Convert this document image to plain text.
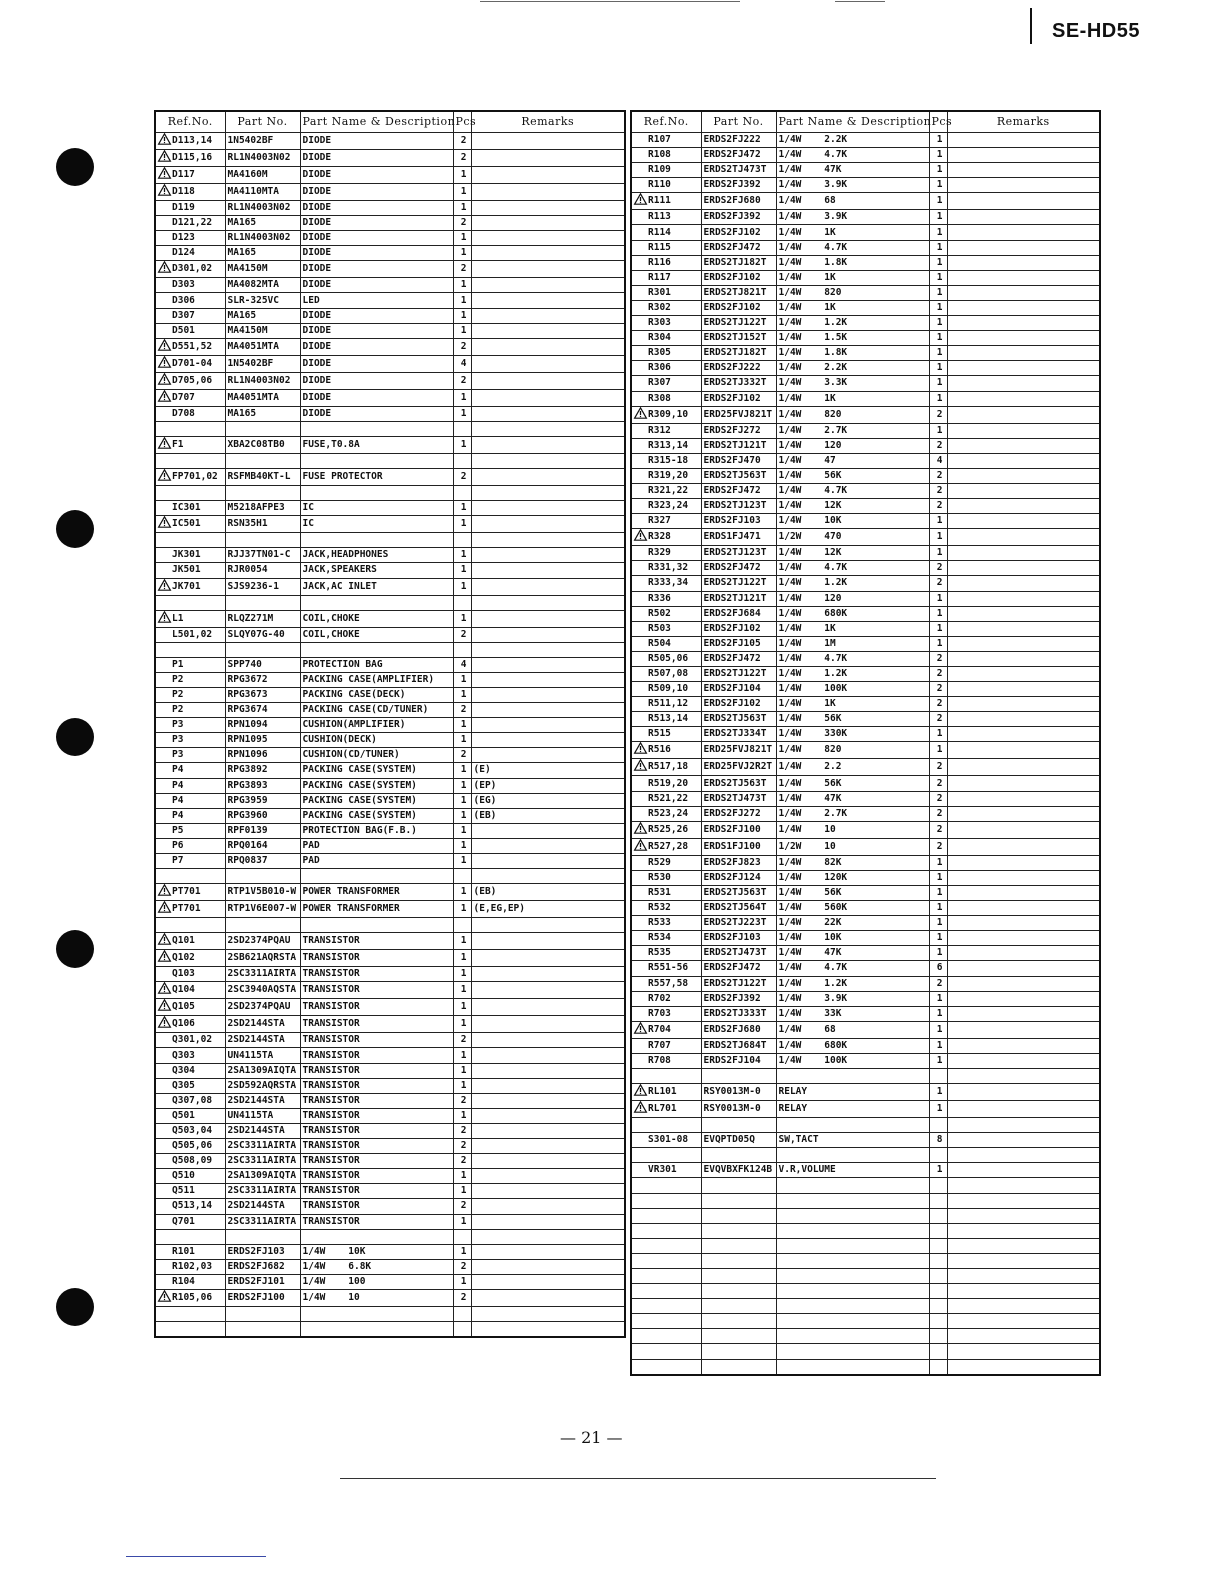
SE-HD55
Ref.No.	Part No.	Part Name & Description	Pcs	Remarks
D113,14	1N5402BF	DIODE	2	
D115,16	RL1N4003N02	DIODE	2	
D117	MA4160M	DIODE	1	
D118	MA4110MTA	DIODE	1	
D119	RL1N4003N02	DIODE	1	
D121,22	MA165	DIODE	2	
D123	RL1N4003N02	DIODE	1	
D124	MA165	DIODE	1	
D301,02	MA4150M	DIODE	2	
D303	MA4082MTA	DIODE	1	
D306	SLR-325VC	LED	1	
D307	MA165	DIODE	1	
D501	MA4150M	DIODE	1	
D551,52	MA4051MTA	DIODE	2	
D701-04	1N5402BF	DIODE	4	
D705,06	RL1N4003N02	DIODE	2	
D707	MA4051MTA	DIODE	1	
D708	MA165	DIODE	1	

F1	XBA2C08TB0	FUSE,T0.8A	1	

FP701,02	RSFMB40KT-L	FUSE PROTECTOR	2	

IC301	M5218AFPE3	IC	1	
IC501	RSN35H1	IC	1	

JK301	RJJ37TN01-C	JACK,HEADPHONES	1	
JK501	RJR0054	JACK,SPEAKERS	1	
JK701	SJS9236-1	JACK,AC INLET	1	

L1	RLQZ271M	COIL,CHOKE	1	
L501,02	SLQY07G-40	COIL,CHOKE	2	

P1	SPP740	PROTECTION BAG	4	
P2	RPG3672	PACKING CASE(AMPLIFIER)	1	
P2	RPG3673	PACKING CASE(DECK)	1	
P2	RPG3674	PACKING CASE(CD/TUNER)	2	
P3	RPN1094	CUSHION(AMPLIFIER)	1	
P3	RPN1095	CUSHION(DECK)	1	
P3	RPN1096	CUSHION(CD/TUNER)	2	
P4	RPG3892	PACKING CASE(SYSTEM)	1	(E)
P4	RPG3893	PACKING CASE(SYSTEM)	1	(EP)
P4	RPG3959	PACKING CASE(SYSTEM)	1	(EG)
P4	RPG3960	PACKING CASE(SYSTEM)	1	(EB)
P5	RPF0139	PROTECTION BAG(F.B.)	1	
P6	RPQ0164	PAD	1	
P7	RPQ0837	PAD	1	

PT701	RTP1V5B010-W	POWER TRANSFORMER	1	(EB)
PT701	RTP1V6E007-W	POWER TRANSFORMER	1	(E,EG,EP)

Q101	2SD2374PQAU	TRANSISTOR	1	
Q102	2SB621AQRSTA	TRANSISTOR	1	
Q103	2SC3311AIRTA	TRANSISTOR	1	
Q104	2SC3940AQSTA	TRANSISTOR	1	
Q105	2SD2374PQAU	TRANSISTOR	1	
Q106	2SD2144STA	TRANSISTOR	1	
Q301,02	2SD2144STA	TRANSISTOR	2	
Q303	UN4115TA	TRANSISTOR	1	
Q304	2SA1309AIQTA	TRANSISTOR	1	
Q305	2SD592AQRSTA	TRANSISTOR	1	
Q307,08	2SD2144STA	TRANSISTOR	2	
Q501	UN4115TA	TRANSISTOR	1	
Q503,04	2SD2144STA	TRANSISTOR	2	
Q505,06	2SC3311AIRTA	TRANSISTOR	2	
Q508,09	2SC3311AIRTA	TRANSISTOR	2	
Q510	2SA1309AIQTA	TRANSISTOR	1	
Q511	2SC3311AIRTA	TRANSISTOR	1	
Q513,14	2SD2144STA	TRANSISTOR	2	
Q701	2SC3311AIRTA	TRANSISTOR	1	

R101	ERDS2FJ103	1/4W    10K	1	
R102,03	ERDS2FJ682	1/4W    6.8K	2	
R104	ERDS2FJ101	1/4W    100	1	
R105,06	ERDS2FJ100	1/4W    10	2	

Ref.No.	Part No.	Part Name & Description	Pcs	Remarks
R107	ERDS2FJ222	1/4W    2.2K	1	
R108	ERDS2FJ472	1/4W    4.7K	1	
R109	ERDS2TJ473T	1/4W    47K	1	
R110	ERDS2FJ392	1/4W    3.9K	1	
R111	ERDS2FJ680	1/4W    68	1	
R113	ERDS2FJ392	1/4W    3.9K	1	
R114	ERDS2FJ102	1/4W    1K	1	
R115	ERDS2FJ472	1/4W    4.7K	1	
R116	ERDS2TJ182T	1/4W    1.8K	1	
R117	ERDS2FJ102	1/4W    1K	1	
R301	ERDS2TJ821T	1/4W    820	1	
R302	ERDS2FJ102	1/4W    1K	1	
R303	ERDS2TJ122T	1/4W    1.2K	1	
R304	ERDS2TJ152T	1/4W    1.5K	1	
R305	ERDS2TJ182T	1/4W    1.8K	1	
R306	ERDS2FJ222	1/4W    2.2K	1	
R307	ERDS2TJ332T	1/4W    3.3K	1	
R308	ERDS2FJ102	1/4W    1K	1	
R309,10	ERD25FVJ821T	1/4W    820	2	
R312	ERDS2FJ272	1/4W    2.7K	1	
R313,14	ERDS2TJ121T	1/4W    120	2	
R315-18	ERDS2FJ470	1/4W    47	4	
R319,20	ERDS2TJ563T	1/4W    56K	2	
R321,22	ERDS2FJ472	1/4W    4.7K	2	
R323,24	ERDS2TJ123T	1/4W    12K	2	
R327	ERDS2FJ103	1/4W    10K	1	
R328	ERDS1FJ471	1/2W    470	1	
R329	ERDS2TJ123T	1/4W    12K	1	
R331,32	ERDS2FJ472	1/4W    4.7K	2	
R333,34	ERDS2TJ122T	1/4W    1.2K	2	
R336	ERDS2TJ121T	1/4W    120	1	
R502	ERDS2FJ684	1/4W    680K	1	
R503	ERDS2FJ102	1/4W    1K	1	
R504	ERDS2FJ105	1/4W    1M	1	
R505,06	ERDS2FJ472	1/4W    4.7K	2	
R507,08	ERDS2TJ122T	1/4W    1.2K	2	
R509,10	ERDS2FJ104	1/4W    100K	2	
R511,12	ERDS2FJ102	1/4W    1K	2	
R513,14	ERDS2TJ563T	1/4W    56K	2	
R515	ERDS2TJ334T	1/4W    330K	1	
R516	ERD25FVJ821T	1/4W    820	1	
R517,18	ERD25FVJ2R2T	1/4W    2.2	2	
R519,20	ERDS2TJ563T	1/4W    56K	2	
R521,22	ERDS2TJ473T	1/4W    47K	2	
R523,24	ERDS2FJ272	1/4W    2.7K	2	
R525,26	ERDS2FJ100	1/4W    10	2	
R527,28	ERDS1FJ100	1/2W    10	2	
R529	ERDS2FJ823	1/4W    82K	1	
R530	ERDS2FJ124	1/4W    120K	1	
R531	ERDS2TJ563T	1/4W    56K	1	
R532	ERDS2TJ564T	1/4W    560K	1	
R533	ERDS2TJ223T	1/4W    22K	1	
R534	ERDS2FJ103	1/4W    10K	1	
R535	ERDS2TJ473T	1/4W    47K	1	
R551-56	ERDS2FJ472	1/4W    4.7K	6	
R557,58	ERDS2TJ122T	1/4W    1.2K	2	
R702	ERDS2FJ392	1/4W    3.9K	1	
R703	ERDS2TJ333T	1/4W    33K	1	
R704	ERDS2FJ680	1/4W    68	1	
R707	ERDS2TJ684T	1/4W    680K	1	
R708	ERDS2FJ104	1/4W    100K	1	

RL101	RSY0013M-0	RELAY	1	
RL701	RSY0013M-0	RELAY	1	

S301-08	EVQPTD05Q	SW,TACT	8	

VR301	EVQVBXFK124B	V.R,VOLUME	1	

— 21 —
